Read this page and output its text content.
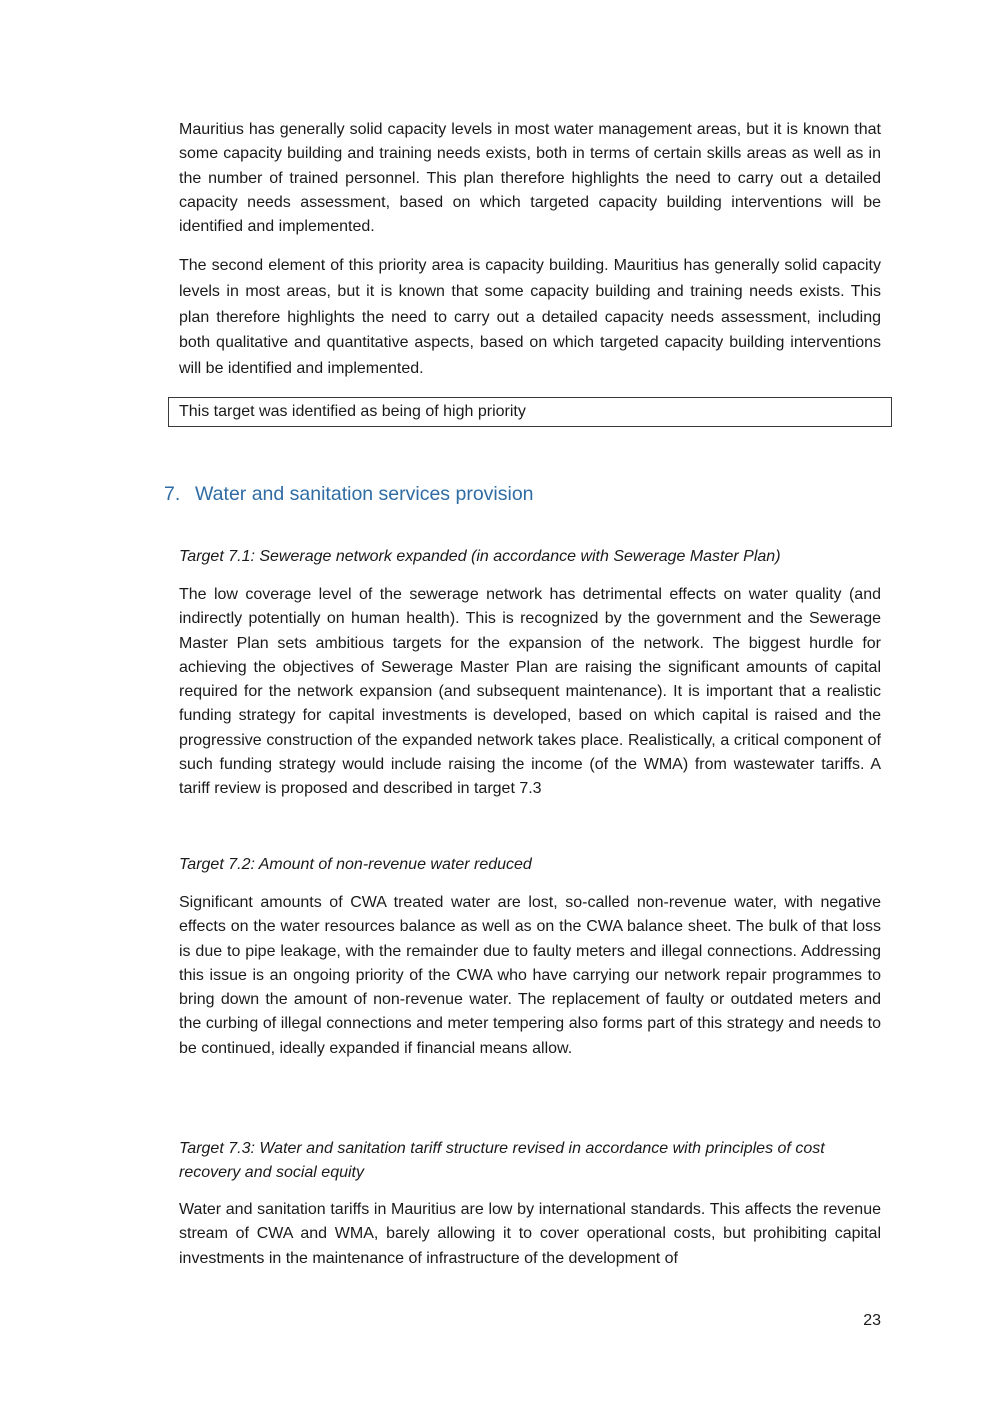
Mauritius has generally solid capacity levels in most water management areas, but it is known that some capacity building and training needs exists, both in terms of certain skills areas as well as in the number of trained personnel. This plan therefore highlights the need to carry out a detailed capacity needs assessment, based on which targeted capacity building interventions will be identified and implemented.

The second element of this priority area is capacity building. Mauritius has generally solid capacity levels in most areas, but it is known that some capacity building and training needs exists. This plan therefore highlights the need to carry out a detailed capacity needs assessment, including both qualitative and quantitative aspects, based on which targeted capacity building interventions will be identified and implemented.

This target was identified as being of high priority
7. Water and sanitation services provision

Target 7.1: Sewerage network expanded (in accordance with Sewerage Master Plan)

The low coverage level of the sewerage network has detrimental effects on water quality (and indirectly potentially on human health). This is recognized by the government and the Sewerage Master Plan sets ambitious targets for the expansion of the network. The biggest hurdle for achieving the objectives of Sewerage Master Plan are raising the significant amounts of capital required for the network expansion (and subsequent maintenance). It is important that a realistic funding strategy for capital investments is developed, based on which capital is raised and the progressive construction of the expanded network takes place. Realistically, a critical component of such funding strategy would include raising the income (of the WMA) from wastewater tariffs. A tariff review is proposed and described in target 7.3

Target 7.2: Amount of non-revenue water reduced

Significant amounts of CWA treated water are lost, so-called non-revenue water, with negative effects on the water resources balance as well as on the CWA balance sheet. The bulk of that loss is due to pipe leakage, with the remainder due to faulty meters and illegal connections. Addressing this issue is an ongoing priority of the CWA who have carrying our network repair programmes to bring down the amount of non-revenue water. The replacement of faulty or outdated meters and the curbing of illegal connections and meter tempering also forms part of this strategy and needs to be continued, ideally expanded if financial means allow.

Target 7.3: Water and sanitation tariff structure revised in accordance with principles of cost recovery and social equity

Water and sanitation tariffs in Mauritius are low by international standards. This affects the revenue stream of CWA and WMA, barely allowing it to cover operational costs, but prohibiting capital investments in the maintenance of infrastructure of the development of

23
